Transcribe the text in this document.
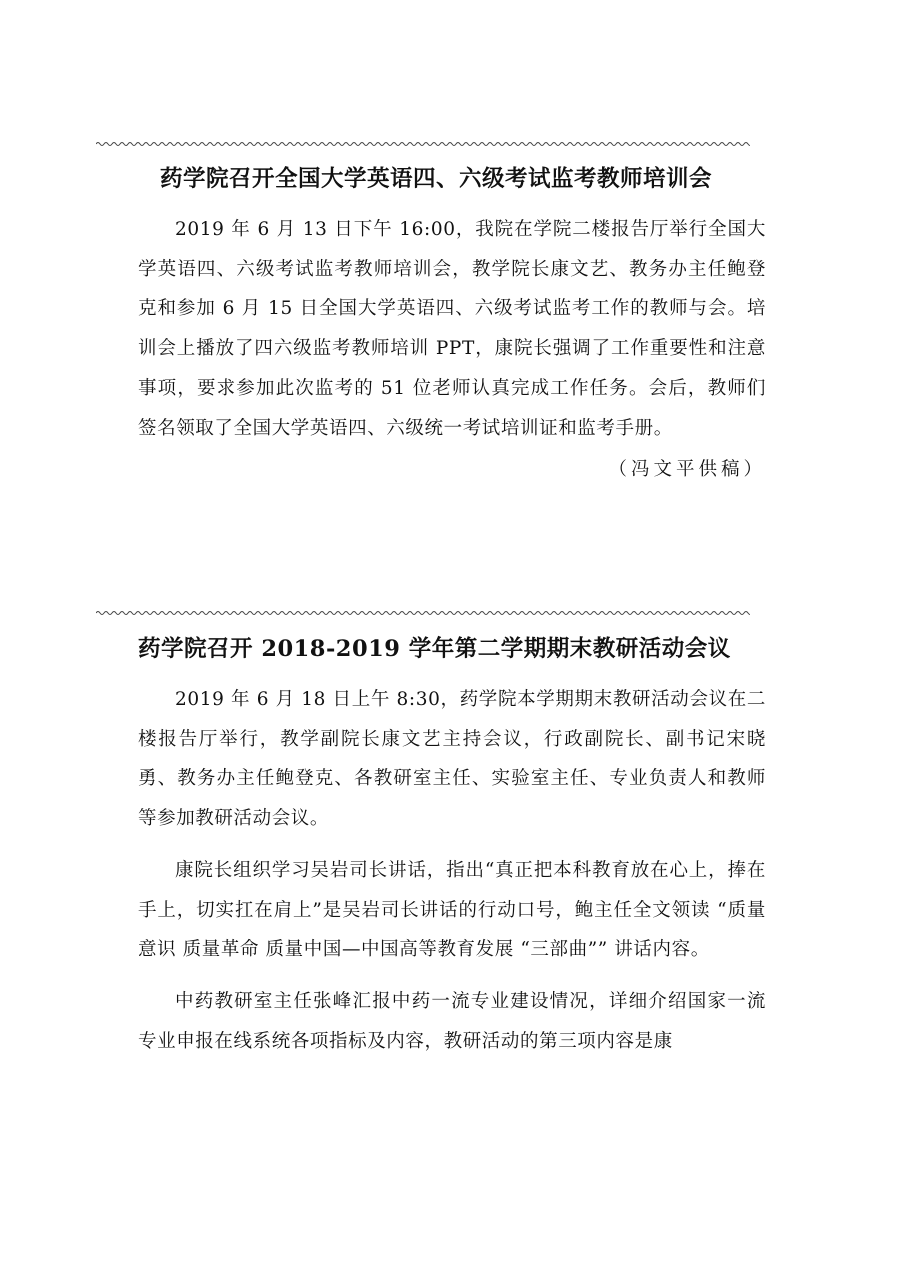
药学院召开全国大学英语四、六级考试监考教师培训会

2019 年 6 月 13 日下午 16:00，我院在学院二楼报告厅举行全国大学英语四、六级考试监考教师培训会，教学院长康文艺、教务办主任鲍登克和参加 6 月 15 日全国大学英语四、六级考试监考工作的教师与会。培训会上播放了四六级监考教师培训 PPT，康院长强调了工作重要性和注意事项，要求参加此次监考的 51 位老师认真完成工作任务。会后，教师们签名领取了全国大学英语四、六级统一考试培训证和监考手册。

（冯文平供稿）

药学院召开 2018-2019 学年第二学期期末教研活动会议

2019 年 6 月 18 日上午 8:30，药学院本学期期末教研活动会议在二楼报告厅举行，教学副院长康文艺主持会议，行政副院长、副书记宋晓勇、教务办主任鲍登克、各教研室主任、实验室主任、专业负责人和教师等参加教研活动会议。

康院长组织学习吴岩司长讲话，指出“真正把本科教育放在心上，捧在手上，切实扛在肩上”是吴岩司长讲话的行动口号，鲍主任全文领读 “质量意识 质量革命 质量中国—中国高等教育发展 “三部曲”” 讲话内容。

中药教研室主任张峰汇报中药一流专业建设情况，详细介绍国家一流专业申报在线系统各项指标及内容，教研活动的第三项内容是康
